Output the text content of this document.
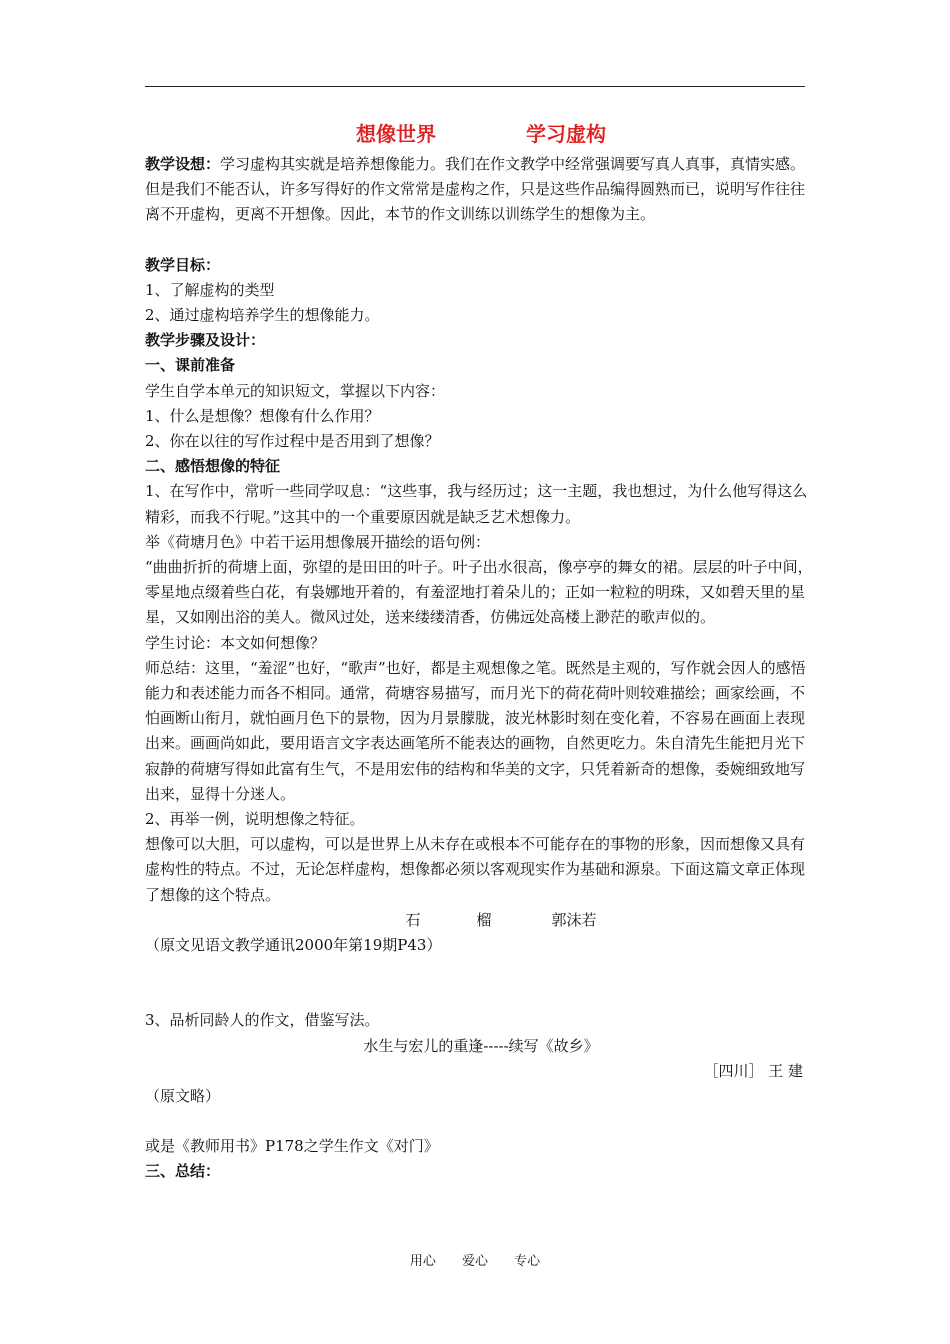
想像世界	学习虚构

教学设想：学习虚构其实就是培养想像能力。我们在作文教学中经常强调要写真人真事，真情实感。但是我们不能否认，许多写得好的作文常常是虚构之作，只是这些作品编得圆熟而已，说明写作往往离不开虚构，更离不开想像。因此，本节的作文训练以训练学生的想像为主。

教学目标：

1、了解虚构的类型

2、通过虚构培养学生的想像能力。

教学步骤及设计：

一、课前准备

学生自学本单元的知识短文，掌握以下内容：

1、什么是想像？想像有什么作用？

2、你在以往的写作过程中是否用到了想像？

二、感悟想像的特征

1、在写作中，常听一些同学叹息：“这些事，我与经历过；这一主题，我也想过，为什么他写得这么精彩，而我不行呢。”这其中的一个重要原因就是缺乏艺术想像力。

举《荷塘月色》中若干运用想像展开描绘的语句例：

“曲曲折折的荷塘上面，弥望的是田田的叶子。叶子出水很高，像亭亭的舞女的裙。层层的叶子中间，零星地点缀着些白花，有袅娜地开着的，有羞涩地打着朵儿的；正如一粒粒的明珠，又如碧天里的星星，又如刚出浴的美人。微风过处，送来缕缕清香，仿佛远处高楼上渺茫的歌声似的。

学生讨论：本文如何想像？

师总结：这里，“羞涩”也好，“歌声”也好，都是主观想像之笔。既然是主观的，写作就会因人的感悟能力和表述能力而各不相同。通常，荷塘容易描写，而月光下的荷花荷叶则较难描绘；画家绘画，不怕画断山衔月，就怕画月色下的景物，因为月景朦胧，波光林影时刻在变化着，不容易在画面上表现出来。画画尚如此，要用语言文字表达画笔所不能表达的画物，自然更吃力。朱自清先生能把月光下寂静的荷塘写得如此富有生气，不是用宏伟的结构和华美的文字，只凭着新奇的想像，委婉细致地写出来，显得十分迷人。

2、再举一例，说明想像之特征。

想像可以大胆，可以虚构，可以是世界上从未存在或根本不可能存在的事物的形象，因而想像又具有虚构性的特点。不过，无论怎样虚构，想像都必须以客观现实作为基础和源泉。下面这篇文章正体现了想像的这个特点。

石	榴	郭沫若

（原文见语文教学通讯2000年第19期P43）

3、品析同龄人的作文，借鉴写法。

水生与宏儿的重逢-----续写《故乡》

［四川］ 王 建

（原文略）

或是《教师用书》P178之学生作文《对门》

三、总结：

用心 爱心 专心
